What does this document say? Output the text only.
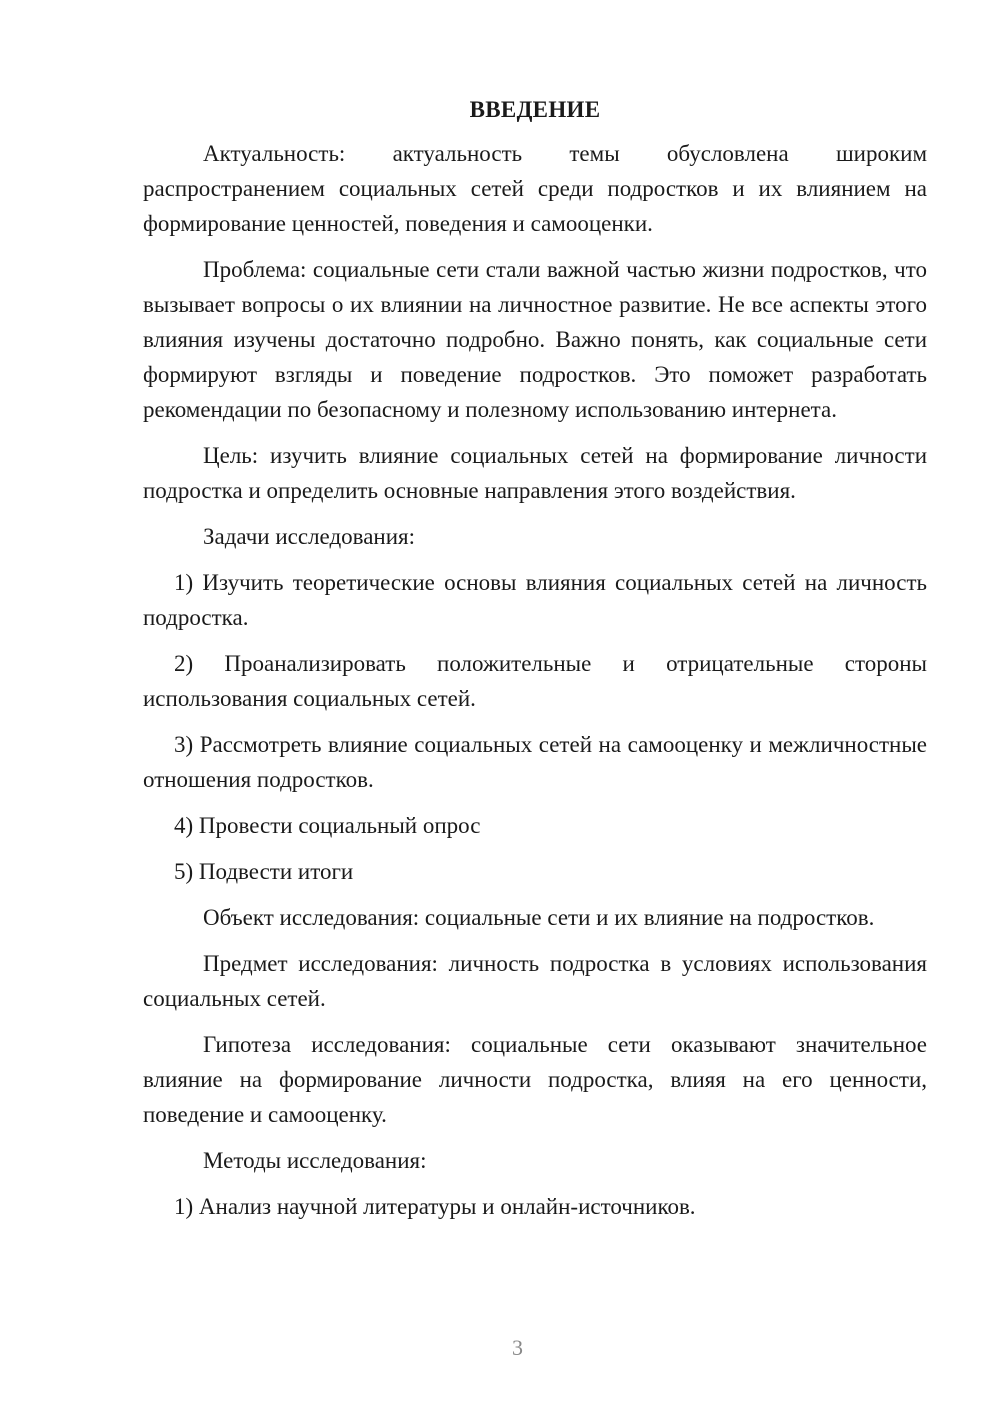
ВВЕДЕНИЕ

Актуальность: актуальность темы обусловлена широким распространением социальных сетей среди подростков и их влиянием на формирование ценностей, поведения и самооценки.

Проблема: социальные сети стали важной частью жизни подростков, что вызывает вопросы о их влиянии на личностное развитие. Не все аспекты этого влияния изучены достаточно подробно. Важно понять, как социальные сети формируют взгляды и поведение подростков. Это поможет разработать рекомендации по безопасному и полезному использованию интернета.

Цель: изучить влияние социальных сетей на формирование личности подростка и определить основные направления этого воздействия.

Задачи исследования:

1) Изучить теоретические основы влияния социальных сетей на личность подростка.

2) Проанализировать положительные и отрицательные стороны использования социальных сетей.

3) Рассмотреть влияние социальных сетей на самооценку и межличностные отношения подростков.

4) Провести социальный опрос

5) Подвести итоги

Объект исследования: социальные сети и их влияние на подростков.

Предмет исследования: личность подростка в условиях использования социальных сетей.

Гипотеза исследования: социальные сети оказывают значительное влияние на формирование личности подростка, влияя на его ценности, поведение и самооценку.

Методы исследования:

1) Анализ научной литературы и онлайн-источников.

3
